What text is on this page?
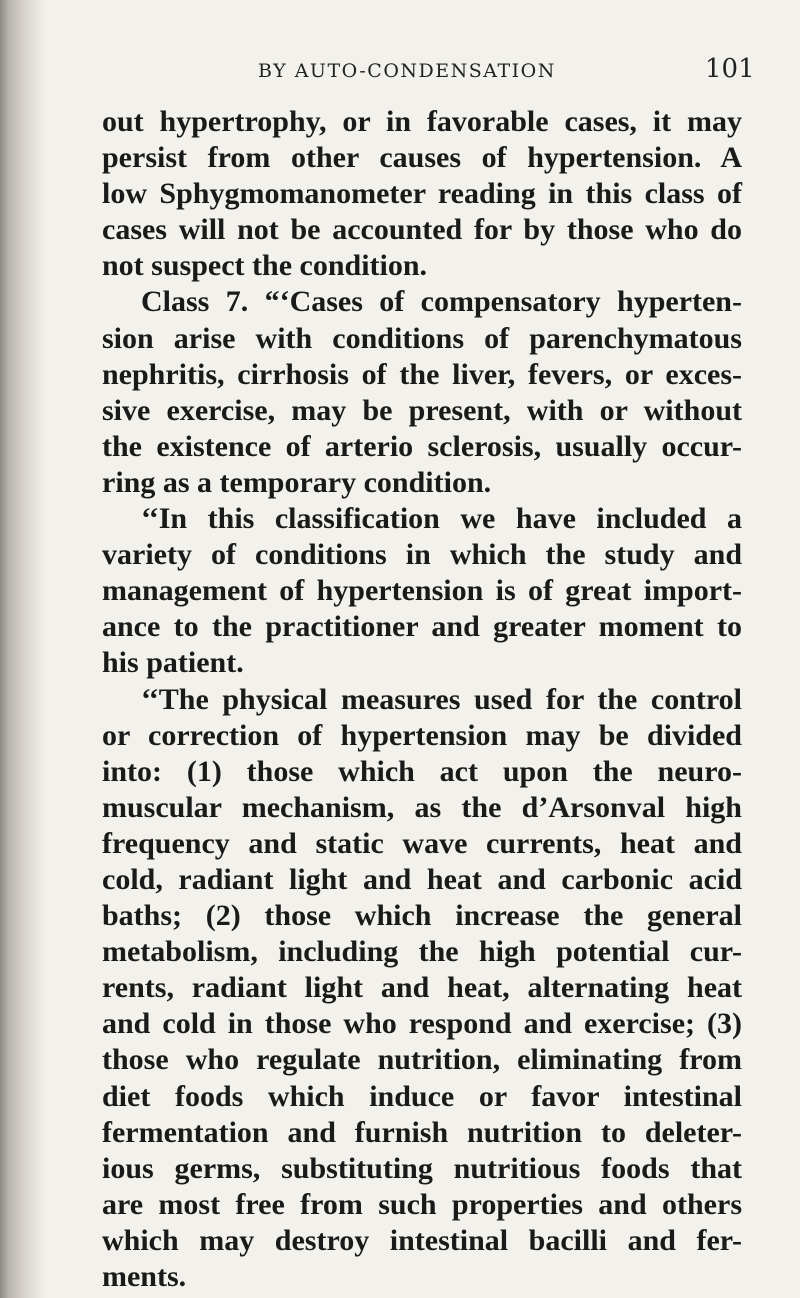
BY AUTO-CONDENSATION	101
out hypertrophy, or in favorable cases, it may
persist from other causes of hypertension. A
low Sphygmomanometer reading in this class of
cases will not be accounted for by those who do
not suspect the condition.
Class 7. “‘Cases of compensatory hyperten-
sion arise with conditions of parenchymatous
nephritis, cirrhosis of the liver, fevers, or exces-
sive exercise, may be present, with or without
the existence of arterio sclerosis, usually occur-
ring as a temporary condition.
‘‘In this classification we have included a
variety of conditions in which the study and
management of hypertension is of great import-
ance to the practitioner and greater moment to
his patient.
‘‘The physical measures used for the control
or correction of hypertension may be divided
into: (1) those which act upon the neuro-
muscular mechanism, as the d’Arsonval high
frequency and static wave currents, heat and
cold, radiant light and heat and carbonic acid
baths; (2) those which increase the general
metabolism, including the high potential cur-
rents, radiant light and heat, alternating heat
and cold in those who respond and exercise; (3)
those who regulate nutrition, eliminating from
diet foods which induce or favor intestinal
fermentation and furnish nutrition to deleter-
ious germs, substituting nutritious foods that
are most free from such properties and others
which may destroy intestinal bacilli and fer-
ments.
